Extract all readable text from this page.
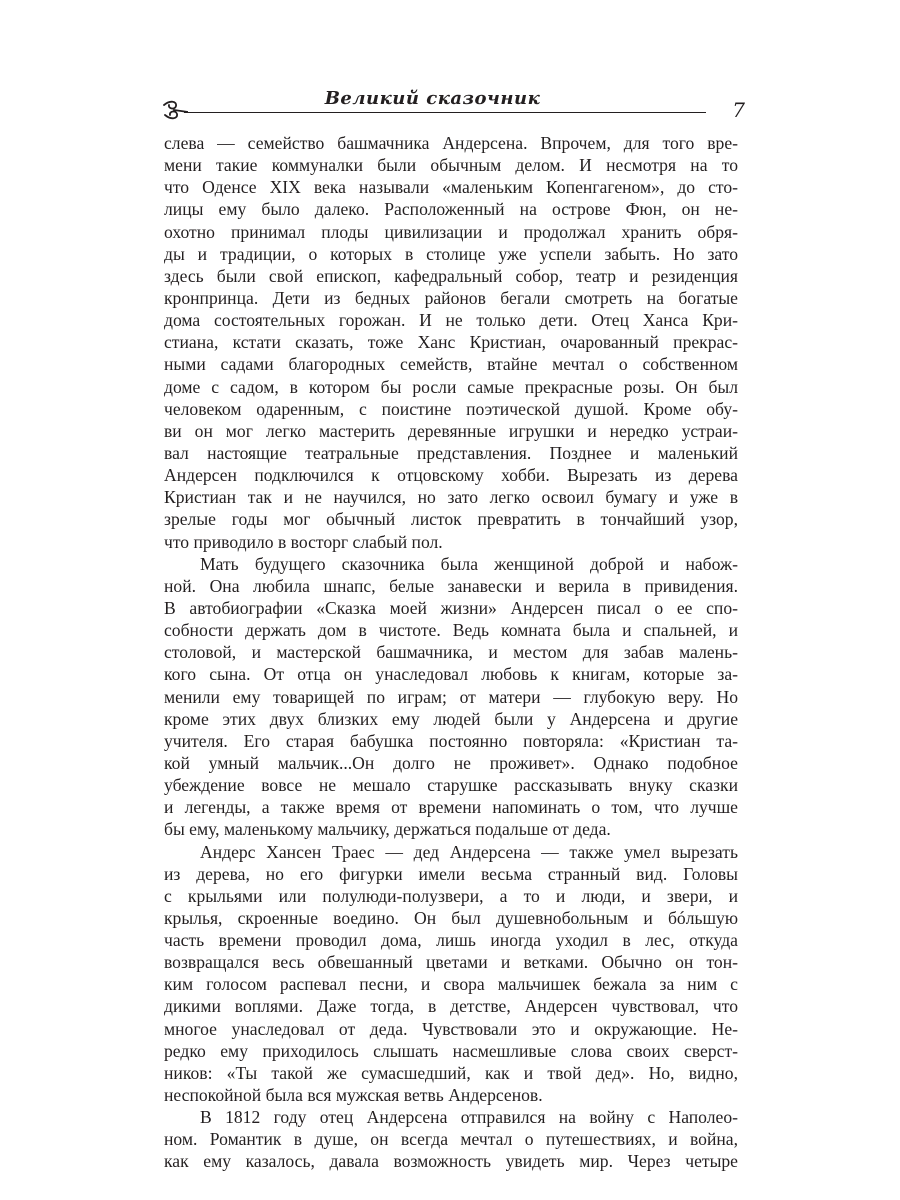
Великий сказочник	7
слева — семейство башмачника Андерсена. Впрочем, для того вре-
мени такие коммуналки были обычным делом. И несмотря на то
что Оденсе XIX века называли «маленьким Копенгагеном», до сто-
лицы ему было далеко. Расположенный на острове Фюн, он не-
охотно принимал плоды цивилизации и продолжал хранить обря-
ды и традиции, о которых в столице уже успели забыть. Но зато
здесь были свой епископ, кафедральный собор, театр и резиденция
кронпринца. Дети из бедных районов бегали смотреть на богатые
дома состоятельных горожан. И не только дети. Отец Ханса Кри-
стиана, кстати сказать, тоже Ханс Кристиан, очарованный прекрас-
ными садами благородных семейств, втайне мечтал о собственном
доме с садом, в котором бы росли самые прекрасные розы. Он был
человеком одаренным, с поистине поэтической душой. Кроме обу-
ви он мог легко мастерить деревянные игрушки и нередко устраи-
вал настоящие театральные представления. Позднее и маленький
Андерсен подключился к отцовскому хобби. Вырезать из дерева
Кристиан так и не научился, но зато легко освоил бумагу и уже в
зрелые годы мог обычный листок превратить в тончайший узор,
что приводило в восторг слабый пол.
Мать будущего сказочника была женщиной доброй и набож-
ной. Она любила шнапс, белые занавески и верила в привидения.
В автобиографии «Сказка моей жизни» Андерсен писал о ее спо-
собности держать дом в чистоте. Ведь комната была и спальней, и
столовой, и мастерской башмачника, и местом для забав малень-
кого сына. От отца он унаследовал любовь к книгам, которые за-
менили ему товарищей по играм; от матери — глубокую веру. Но
кроме этих двух близких ему людей были у Андерсена и другие
учителя. Его старая бабушка постоянно повторяла: «Кристиан та-
кой умный мальчик...Он долго не проживет». Однако подобное
убеждение вовсе не мешало старушке рассказывать внуку сказки
и легенды, а также время от времени напоминать о том, что лучше
бы ему, маленькому мальчику, держаться подальше от деда.
Андерс Хансен Траес — дед Андерсена — также умел вырезать
из дерева, но его фигурки имели весьма странный вид. Головы
с крыльями или полулюди-полузвери, а то и люди, и звери, и
крылья, скроенные воедино. Он был душевнобольным и бóльшую
часть времени проводил дома, лишь иногда уходил в лес, откуда
возвращался весь обвешанный цветами и ветками. Обычно он тон-
ким голосом распевал песни, и свора мальчишек бежала за ним с
дикими воплями. Даже тогда, в детстве, Андерсен чувствовал, что
многое унаследовал от деда. Чувствовали это и окружающие. Не-
редко ему приходилось слышать насмешливые слова своих сверст-
ников: «Ты такой же сумасшедший, как и твой дед». Но, видно,
неспокойной была вся мужская ветвь Андерсенов.
В 1812 году отец Андерсена отправился на войну с Наполео-
ном. Романтик в душе, он всегда мечтал о путешествиях, и война,
как ему казалось, давала возможность увидеть мир. Через четыре
